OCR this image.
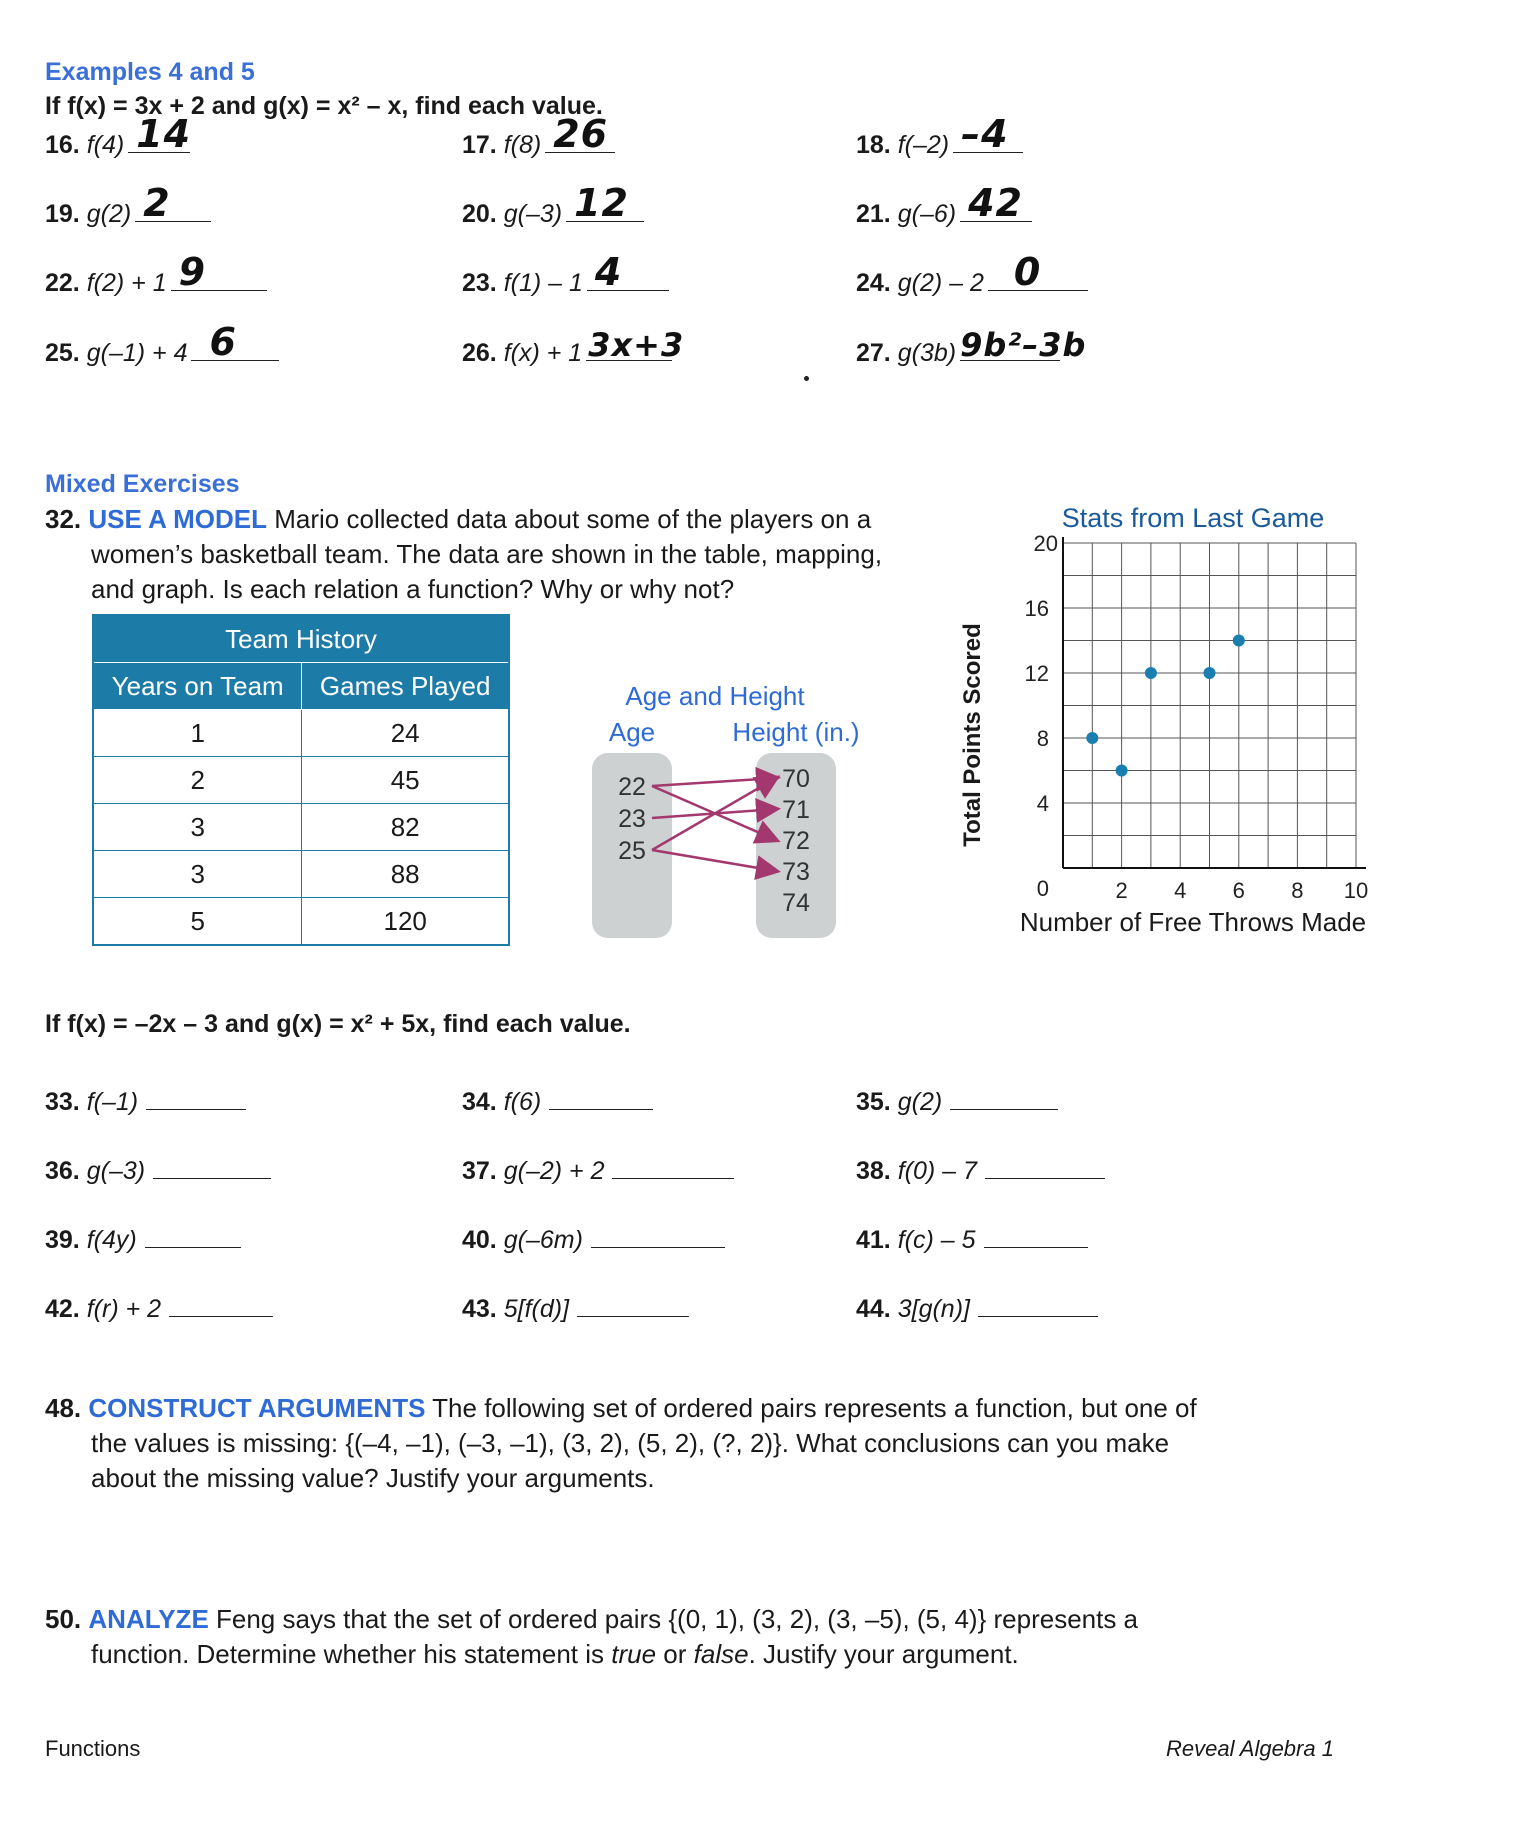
Examples 4 and 5
If f(x) = 3x + 2 and g(x) = x² – x, find each value.
16. f(4) 14	17. f(8) 26	18. f(–2) –4
19. g(2) 2	20. g(–3) 12	21. g(–6) 42
22. f(2) + 1 9	23. f(1) – 1 4	24. g(2) – 2 0
25. g(–1) + 4 6	26. f(x) + 1 3x+3	27. g(3b) 9b²–3b
Mixed Exercises
32. USE A MODEL Mario collected data about some of the players on a
women’s basketball team. The data are shown in the table, mapping,
and graph. Is each relation a function? Why or why not?
Team History	
Years on Team	Games Played
1	24
2	45
3	82
3	88
5	120
Age and Height
Age	Height (in.)
22
23
25
70
71
72
73
74
Stats from Last Game
Total Points Scored
Number of Free Throws Made
2 4 6 8 10
0
4
8
12
16
20
If f(x) = –2x – 3 and g(x) = x² + 5x, find each value.
33. f(–1)	34. f(6)	35. g(2)
36. g(–3)	37. g(–2) + 2	38. f(0) – 7
39. f(4y)	40. g(–6m)	41. f(c) – 5
42. f(r) + 2	43. 5[f(d)]	44. 3[g(n)]
48. CONSTRUCT ARGUMENTS The following set of ordered pairs represents a function, but one of
the values is missing: {(–4, –1), (–3, –1), (3, 2), (5, 2), (?, 2)}. What conclusions can you make
about the missing value? Justify your arguments.
50. ANALYZE Feng says that the set of ordered pairs {(0, 1), (3, 2), (3, –5), (5, 4)} represents a
function. Determine whether his statement is true or false. Justify your argument.
Functions	Reveal Algebra 1
